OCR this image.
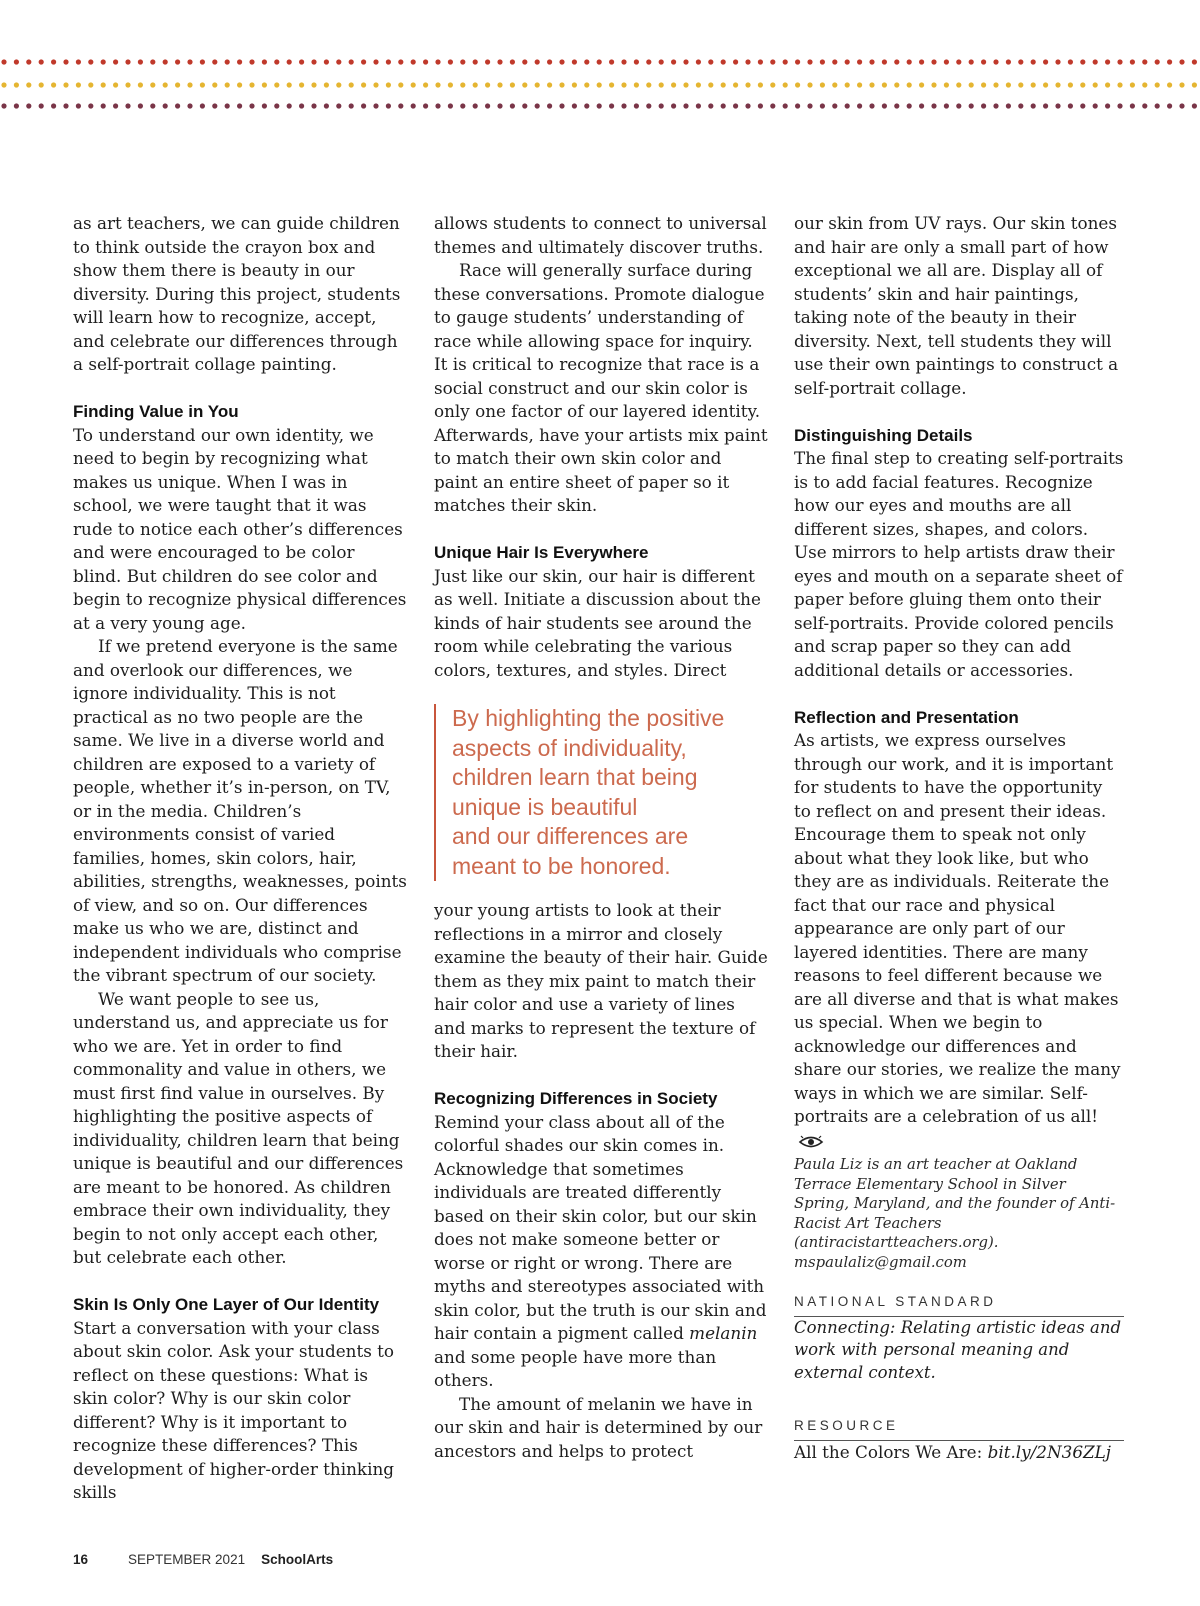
as art teachers, we can guide children to think outside the crayon box and show them there is beauty in our diversity. During this project, students will learn how to recognize, accept, and celebrate our differences through a self-portrait collage painting.

Finding Value in You

To understand our own identity, we need to begin by recognizing what makes us unique. When I was in school, we were taught that it was rude to notice each other’s differences and were encouraged to be color blind. But children do see color and begin to recognize physical differences at a very young age.

If we pretend everyone is the same and overlook our differences, we ignore individuality. This is not practical as no two people are the same. We live in a diverse world and children are exposed to a variety of people, whether it’s in-person, on TV, or in the media. Children’s environments consist of varied families, homes, skin colors, hair, abilities, strengths, weaknesses, points of view, and so on. Our differences make us who we are, distinct and independent individuals who comprise the vibrant spectrum of our society.

We want people to see us, understand us, and appreciate us for who we are. Yet in order to find commonality and value in others, we must first find value in ourselves. By highlighting the positive aspects of individuality, children learn that being unique is beautiful and our differences are meant to be honored. As children embrace their own individuality, they begin to not only accept each other, but celebrate each other.

Skin Is Only One Layer of Our Identity

Start a conversation with your class about skin color. Ask your students to reflect on these questions: What is skin color? Why is our skin color different? Why is it important to recognize these differences? This development of higher-order thinking skills

allows students to connect to universal themes and ultimately discover truths.

Race will generally surface during these conversations. Promote dialogue to gauge students’ understanding of race while allowing space for inquiry. It is critical to recognize that race is a social construct and our skin color is only one factor of our layered identity. Afterwards, have your artists mix paint to match their own skin color and paint an entire sheet of paper so it matches their skin.

Unique Hair Is Everywhere

Just like our skin, our hair is different as well. Initiate a discussion about the kinds of hair students see around the room while celebrating the various colors, textures, and styles. Direct

By highlighting the positive
aspects of individuality,
children learn that being
unique is beautiful
and our differences are
meant to be honored.

your young artists to look at their reflections in a mirror and closely examine the beauty of their hair. Guide them as they mix paint to match their hair color and use a variety of lines and marks to represent the texture of their hair.

Recognizing Differences in Society

Remind your class about all of the colorful shades our skin comes in. Acknowledge that sometimes individuals are treated differently based on their skin color, but our skin does not make someone better or worse or right or wrong. There are myths and stereotypes associated with skin color, but the truth is our skin and hair contain a pigment called melanin and some people have more than others.

The amount of melanin we have in our skin and hair is determined by our ancestors and helps to protect

our skin from UV rays. Our skin tones and hair are only a small part of how exceptional we all are. Display all of students’ skin and hair paintings, taking note of the beauty in their diversity. Next, tell students they will use their own paintings to construct a self-portrait collage.

Distinguishing Details

The final step to creating self-portraits is to add facial features. Recognize how our eyes and mouths are all different sizes, shapes, and colors. Use mirrors to help artists draw their eyes and mouth on a separate sheet of paper before gluing them onto their self-portraits. Provide colored pencils and scrap paper so they can add additional details or accessories.

Reflection and Presentation

As artists, we express ourselves through our work, and it is important for students to have the opportunity to reflect on and present their ideas. Encourage them to speak not only about what they look like, but who they are as individuals. Reiterate the fact that our race and physical appearance are only part of our layered identities. There are many reasons to feel different because we are all diverse and that is what makes us special. When we begin to acknowledge our differences and share our stories, we realize the many ways in which we are similar. Self-portraits are a celebration of us all!

Paula Liz is an art teacher at Oakland Terrace Elementary School in Silver Spring, Maryland, and the founder of Anti-Racist Art Teachers (antiracistartteachers.org). mspaulaliz@gmail.com

NATIONAL STANDARD

Connecting: Relating artistic ideas and work with personal meaning and external context.

RESOURCE

All the Colors We Are: bit.ly/2N36ZLj

16	SEPTEMBER 2021 SchoolArts
